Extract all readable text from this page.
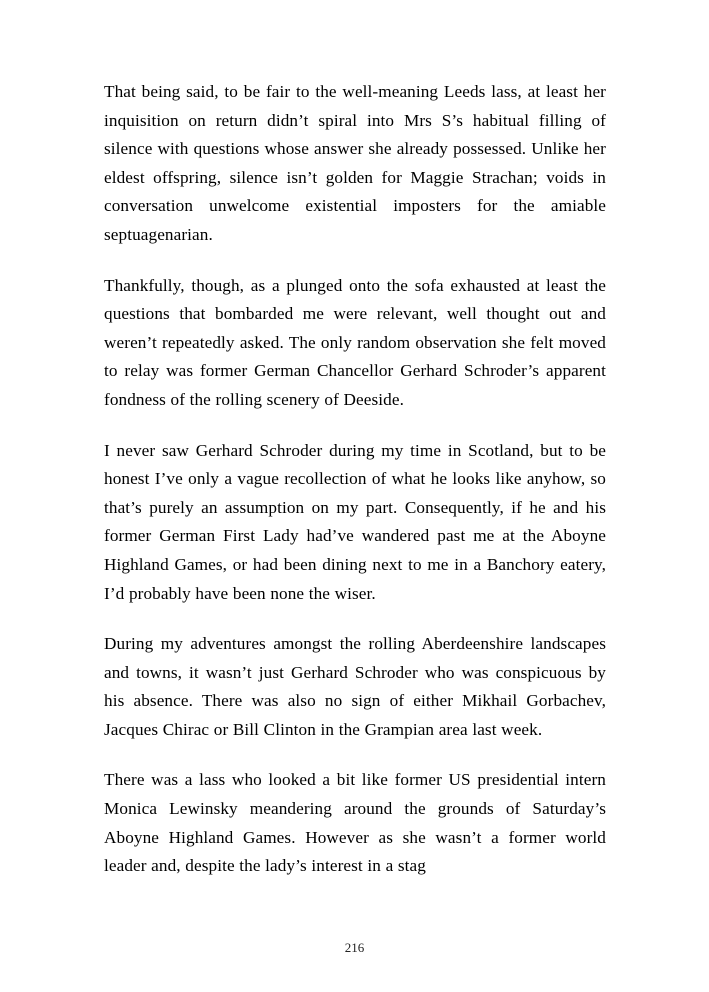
That being said, to be fair to the well-meaning Leeds lass, at least her inquisition on return didn’t spiral into Mrs S’s habitual filling of silence with questions whose answer she already possessed. Unlike her eldest offspring, silence isn’t golden for Maggie Strachan; voids in conversation unwelcome existential imposters for the amiable septuagenarian.

Thankfully, though, as a plunged onto the sofa exhausted at least the questions that bombarded me were relevant, well thought out and weren’t repeatedly asked. The only random observation she felt moved to relay was former German Chancellor Gerhard Schroder’s apparent fondness of the rolling scenery of Deeside.

I never saw Gerhard Schroder during my time in Scotland, but to be honest I’ve only a vague recollection of what he looks like anyhow, so that’s purely an assumption on my part. Consequently, if he and his former German First Lady had’ve wandered past me at the Aboyne Highland Games, or had been dining next to me in a Banchory eatery, I’d probably have been none the wiser.

During my adventures amongst the rolling Aberdeenshire landscapes and towns, it wasn’t just Gerhard Schroder who was conspicuous by his absence. There was also no sign of either Mikhail Gorbachev, Jacques Chirac or Bill Clinton in the Grampian area last week.

There was a lass who looked a bit like former US presidential intern Monica Lewinsky meandering around the grounds of Saturday’s Aboyne Highland Games. However as she wasn’t a former world leader and, despite the lady’s interest in a stag

216
